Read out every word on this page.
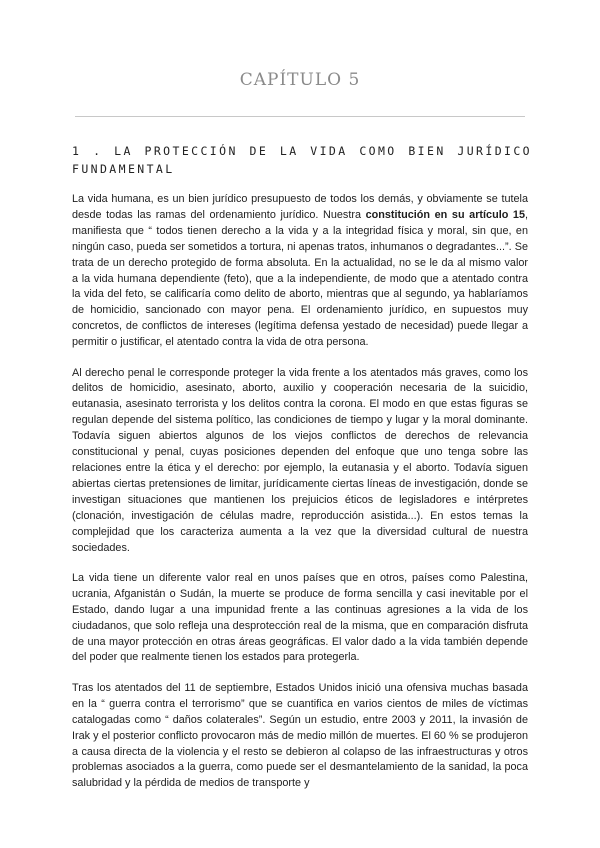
CAPÍTULO 5
1 . LA PROTECCIÓN DE LA VIDA COMO BIEN JURÍDICO FUNDAMENTAL

La vida humana, es un bien jurídico presupuesto de todos los demás, y obviamente se tutela desde todas las ramas del ordenamiento jurídico. Nuestra constitución en su artículo 15, manifiesta que “ todos tienen derecho a la vida y a la integridad física y moral, sin que, en ningún caso, pueda ser sometidos a tortura, ni apenas tratos, inhumanos o degradantes...”. Se trata de un derecho protegido de forma absoluta. En la actualidad, no se le da al mismo valor a la vida humana dependiente (feto), que a la independiente, de modo que a atentado contra la vida del feto, se calificaría como delito de aborto, mientras que al segundo, ya hablaríamos de homicidio, sancionado con mayor pena. El ordenamiento jurídico, en supuestos muy concretos, de conflictos de intereses (legítima defensa yestado de necesidad) puede llegar a permitir o justificar, el atentado contra la vida de otra persona.

Al derecho penal le corresponde proteger la vida frente a los atentados más graves, como los delitos de homicidio, asesinato, aborto, auxilio y cooperación necesaria de la suicidio, eutanasia, asesinato terrorista y los delitos contra la corona. El modo en que estas figuras se regulan depende del sistema político, las condiciones de tiempo y lugar y la moral dominante. Todavía siguen abiertos algunos de los viejos conflictos de derechos de relevancia constitucional y penal, cuyas posiciones dependen del enfoque que uno tenga sobre las relaciones entre la ética y el derecho: por ejemplo, la eutanasia y el aborto. Todavía siguen abiertas ciertas pretensiones de limitar, jurídicamente ciertas líneas de investigación, donde se investigan situaciones que mantienen los prejuicios éticos de legisladores e intérpretes (clonación, investigación de células madre, reproducción asistida...). En estos temas la complejidad que los caracteriza aumenta a la vez que la diversidad cultural de nuestra sociedades.

La vida tiene un diferente valor real en unos países que en otros, países como Palestina, ucrania, Afganistán o Sudán, la muerte se produce de forma sencilla y casi inevitable por el Estado, dando lugar a una impunidad frente a las continuas agresiones a la vida de los ciudadanos, que solo refleja una desprotección real de la misma, que en comparación disfruta de una mayor protección en otras áreas geográficas. El valor dado a la vida también depende del poder que realmente tienen los estados para protegerla.

Tras los atentados del 11 de septiembre, Estados Unidos inició una ofensiva muchas basada en la “ guerra contra el terrorismo” que se cuantifica en varios cientos de miles de víctimas catalogadas como “ daños colaterales”. Según un estudio, entre 2003 y 2011, la invasión de Irak y el posterior conflicto provocaron más de medio millón de muertes. El 60 % se produjeron a causa directa de la violencia y el resto se debieron al colapso de las infraestructuras y otros problemas asociados a la guerra, como puede ser el desmantelamiento de la sanidad, la poca salubridad y la pérdida de medios de transporte y
